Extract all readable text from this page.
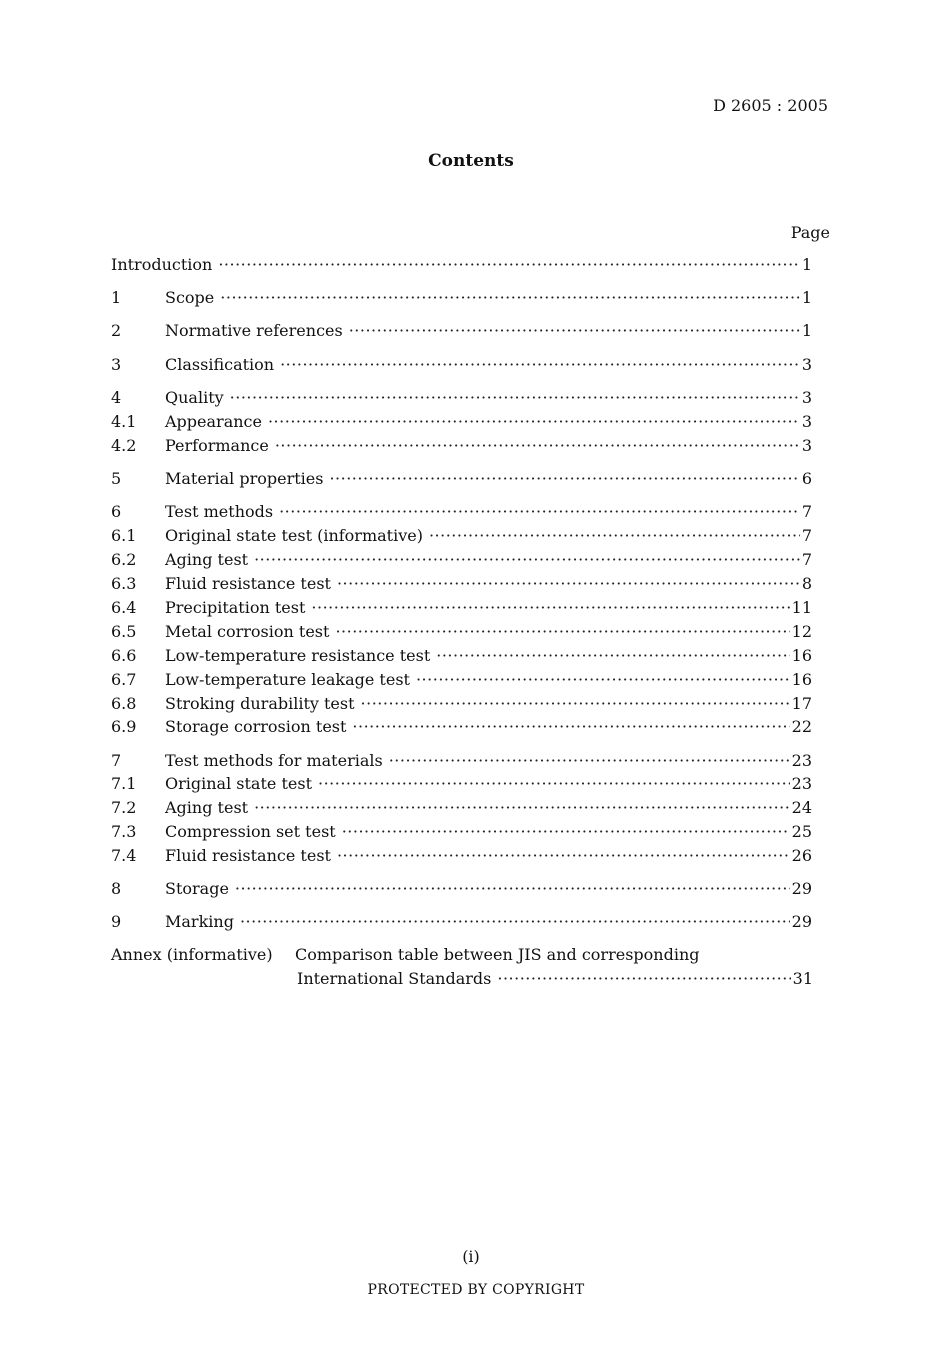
D 2605 : 2005
Contents
Page
Introduction ·····	1
1	Scope ·····	1
2	Normative references ·····	1
3	Classification ·····	3
4	Quality ·····	3
4.1	Appearance ·····	3
4.2	Performance ·····	3
5	Material properties ·····	6
6	Test methods ·····	7
6.1	Original state test (informative) ·····	7
6.2	Aging test ·····	7
6.3	Fluid resistance test ·····	8
6.4	Precipitation test ·····	11
6.5	Metal corrosion test ·····	12
6.6	Low-temperature resistance test ·····	16
6.7	Low-temperature leakage test ·····	16
6.8	Stroking durability test ·····	17
6.9	Storage corrosion test ·····	22
7	Test methods for materials ·····	23
7.1	Original state test ·····	23
7.2	Aging test ·····	24
7.3	Compression set test ·····	25
7.4	Fluid resistance test ·····	26
8	Storage ·····	29
9	Marking ·····	29
Annex (informative) Comparison table between JIS and corresponding
International Standards ·····	31
(i)
PROTECTED BY COPYRIGHT
